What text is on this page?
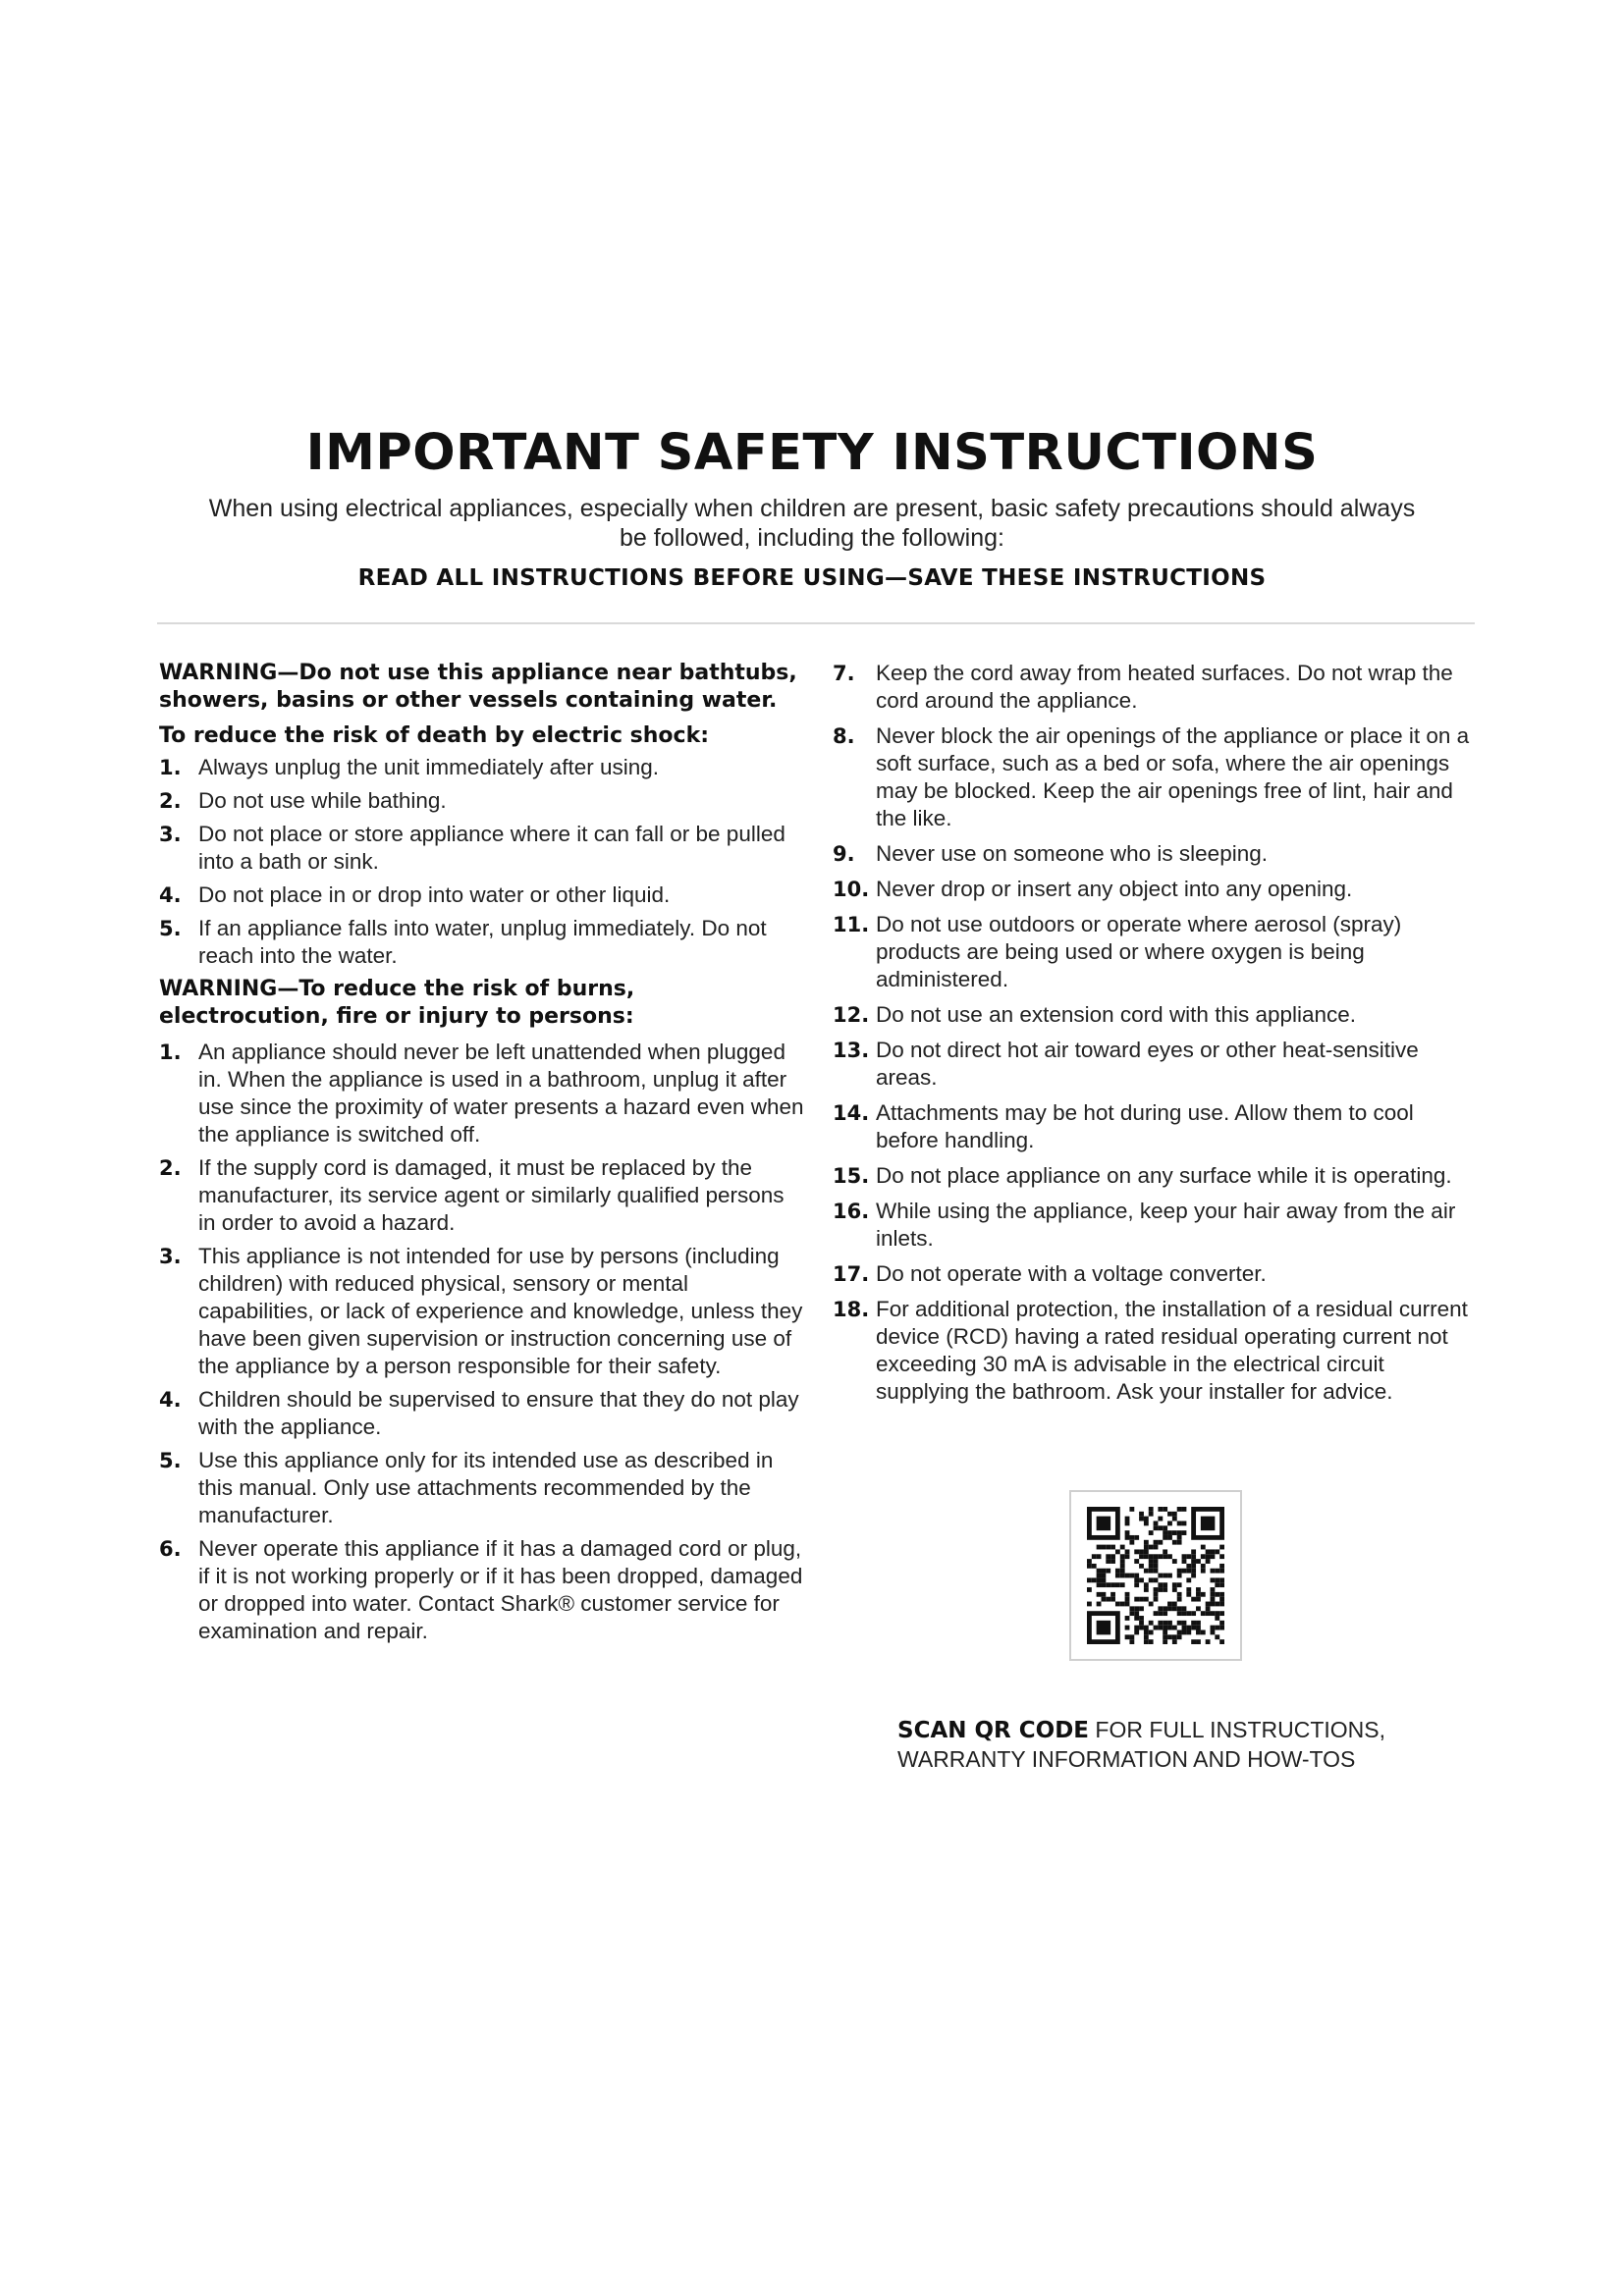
IMPORTANT SAFETY INSTRUCTIONS

When using electrical appliances, especially when children are present, basic safety precautions should always be followed, including the following:

READ ALL INSTRUCTIONS BEFORE USING—SAVE THESE INSTRUCTIONS

WARNING—Do not use this appliance near bathtubs, showers, basins or other vessels containing water.

To reduce the risk of death by electric shock:

1. Always unplug the unit immediately after using.
2. Do not use while bathing.
3. Do not place or store appliance where it can fall or be pulled into a bath or sink.
4. Do not place in or drop into water or other liquid.
5. If an appliance falls into water, unplug immediately. Do not reach into the water.

WARNING—To reduce the risk of burns, electrocution, fire or injury to persons:

1. An appliance should never be left unattended when plugged in. When the appliance is used in a bathroom, unplug it after use since the proximity of water presents a hazard even when the appliance is switched off.
2. If the supply cord is damaged, it must be replaced by the manufacturer, its service agent or similarly qualified persons in order to avoid a hazard.
3. This appliance is not intended for use by persons (including children) with reduced physical, sensory or mental capabilities, or lack of experience and knowledge, unless they have been given supervision or instruction concerning use of the appliance by a person responsible for their safety.
4. Children should be supervised to ensure that they do not play with the appliance.
5. Use this appliance only for its intended use as described in this manual. Only use attachments recommended by the manufacturer.
6. Never operate this appliance if it has a damaged cord or plug, if it is not working properly or if it has been dropped, damaged or dropped into water. Contact Shark® customer service for examination and repair.
7. Keep the cord away from heated surfaces. Do not wrap the cord around the appliance.
8. Never block the air openings of the appliance or place it on a soft surface, such as a bed or sofa, where the air openings may be blocked. Keep the air openings free of lint, hair and the like.
9. Never use on someone who is sleeping.
10. Never drop or insert any object into any opening.
11. Do not use outdoors or operate where aerosol (spray) products are being used or where oxygen is being administered.
12. Do not use an extension cord with this appliance.
13. Do not direct hot air toward eyes or other heat-sensitive areas.
14. Attachments may be hot during use. Allow them to cool before handling.
15. Do not place appliance on any surface while it is operating.
16. While using the appliance, keep your hair away from the air inlets.
17. Do not operate with a voltage converter.
18. For additional protection, the installation of a residual current device (RCD) having a rated residual operating current not exceeding 30 mA is advisable in the electrical circuit supplying the bathroom. Ask your installer for advice.
SCAN QR CODE FOR FULL INSTRUCTIONS, WARRANTY INFORMATION AND HOW-TOS
